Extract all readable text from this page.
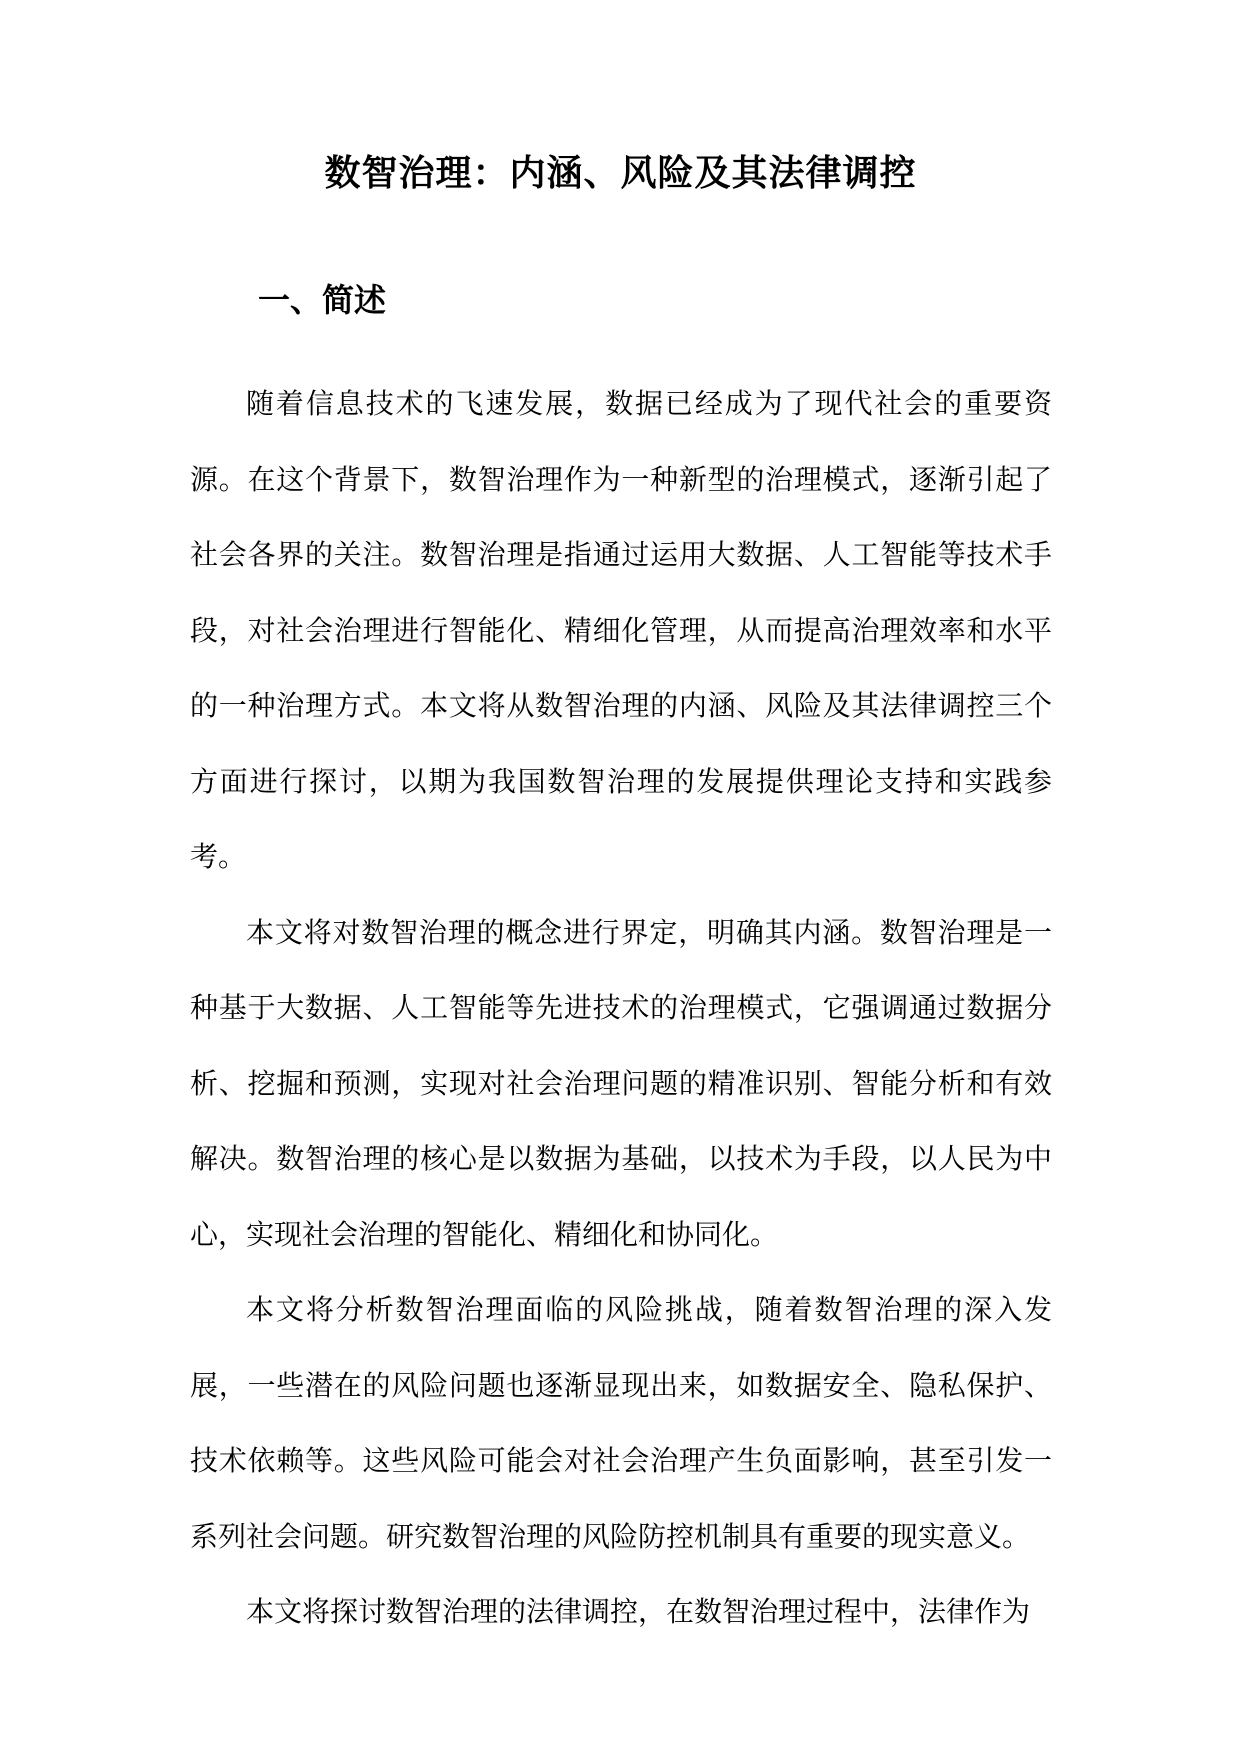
数智治理：内涵、风险及其法律调控
一、简述

随着信息技术的飞速发展，数据已经成为了现代社会的重要资源。在这个背景下，数智治理作为一种新型的治理模式，逐渐引起了社会各界的关注。数智治理是指通过运用大数据、人工智能等技术手段，对社会治理进行智能化、精细化管理，从而提高治理效率和水平的一种治理方式。本文将从数智治理的内涵、风险及其法律调控三个方面进行探讨，以期为我国数智治理的发展提供理论支持和实践参考。

本文将对数智治理的概念进行界定，明确其内涵。数智治理是一种基于大数据、人工智能等先进技术的治理模式，它强调通过数据分析、挖掘和预测，实现对社会治理问题的精准识别、智能分析和有效解决。数智治理的核心是以数据为基础，以技术为手段，以人民为中心，实现社会治理的智能化、精细化和协同化。

本文将分析数智治理面临的风险挑战，随着数智治理的深入发展，一些潜在的风险问题也逐渐显现出来，如数据安全、隐私保护、技术依赖等。这些风险可能会对社会治理产生负面影响，甚至引发一系列社会问题。研究数智治理的风险防控机制具有重要的现实意义。

本文将探讨数智治理的法律调控，在数智治理过程中，法律作为
